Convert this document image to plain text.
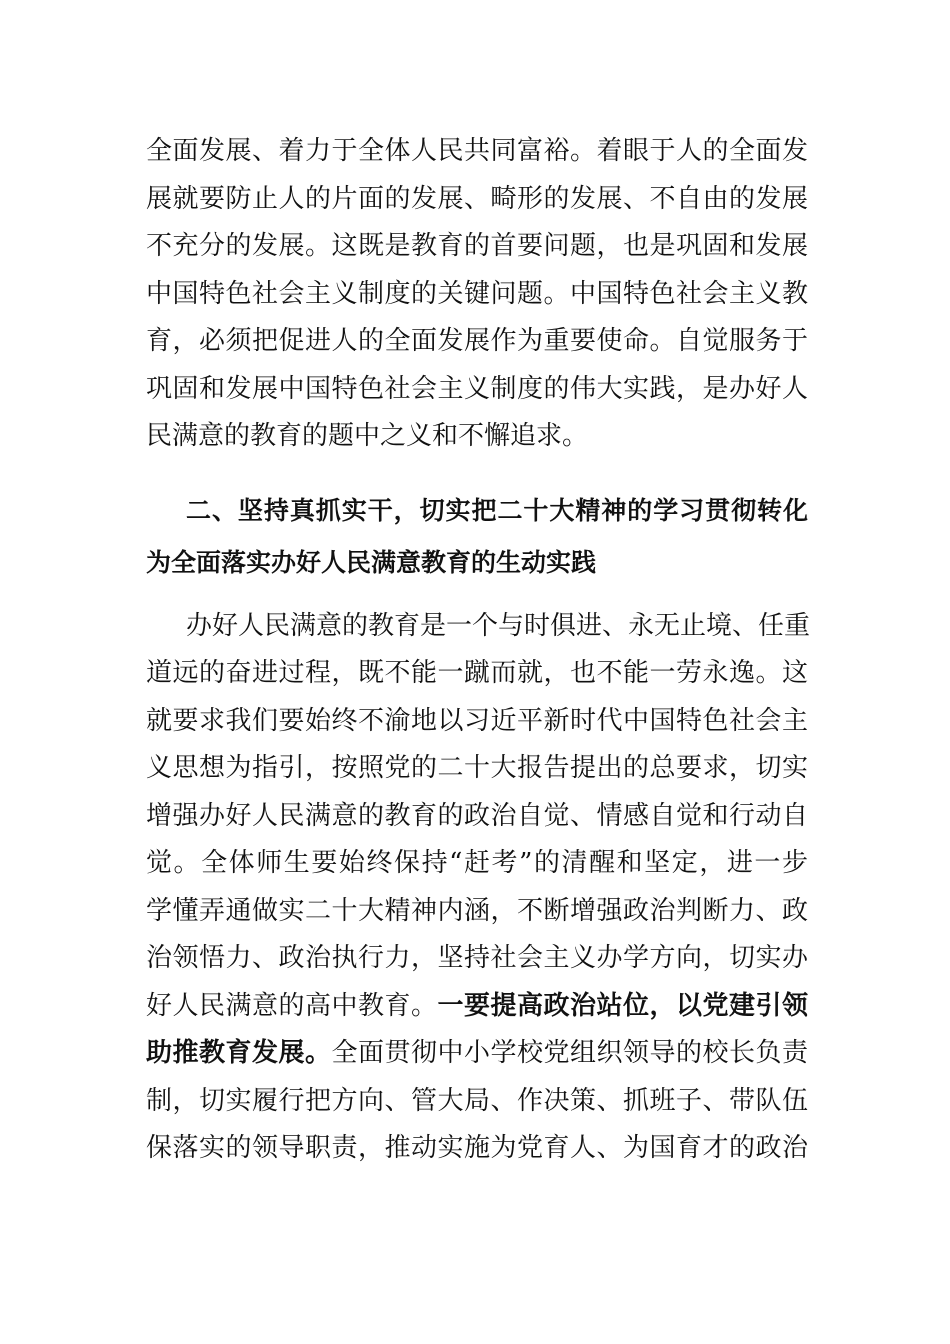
全面发展、着力于全体人民共同富裕。着眼于人的全面发
展就要防止人的片面的发展、畸形的发展、不自由的发展
不充分的发展。这既是教育的首要问题，也是巩固和发展
中国特色社会主义制度的关键问题。中国特色社会主义教
育，必须把促进人的全面发展作为重要使命。自觉服务于
巩固和发展中国特色社会主义制度的伟大实践，是办好人
民满意的教育的题中之义和不懈追求。
二、坚持真抓实干，切实把二十大精神的学习贯彻转化
为全面落实办好人民满意教育的生动实践
办好人民满意的教育是一个与时俱进、永无止境、任重
道远的奋进过程，既不能一蹴而就，也不能一劳永逸。这
就要求我们要始终不渝地以习近平新时代中国特色社会主
义思想为指引，按照党的二十大报告提出的总要求，切实
增强办好人民满意的教育的政治自觉、情感自觉和行动自
觉。全体师生要始终保持“赶考”的清醒和坚定，进一步
学懂弄通做实二十大精神内涵，不断增强政治判断力、政
治领悟力、政治执行力，坚持社会主义办学方向，切实办
好人民满意的高中教育。一要提高政治站位，以党建引领
助推教育发展。全面贯彻中小学校党组织领导的校长负责
制，切实履行把方向、管大局、作决策、抓班子、带队伍
保落实的领导职责，推动实施为党育人、为国育才的政治
